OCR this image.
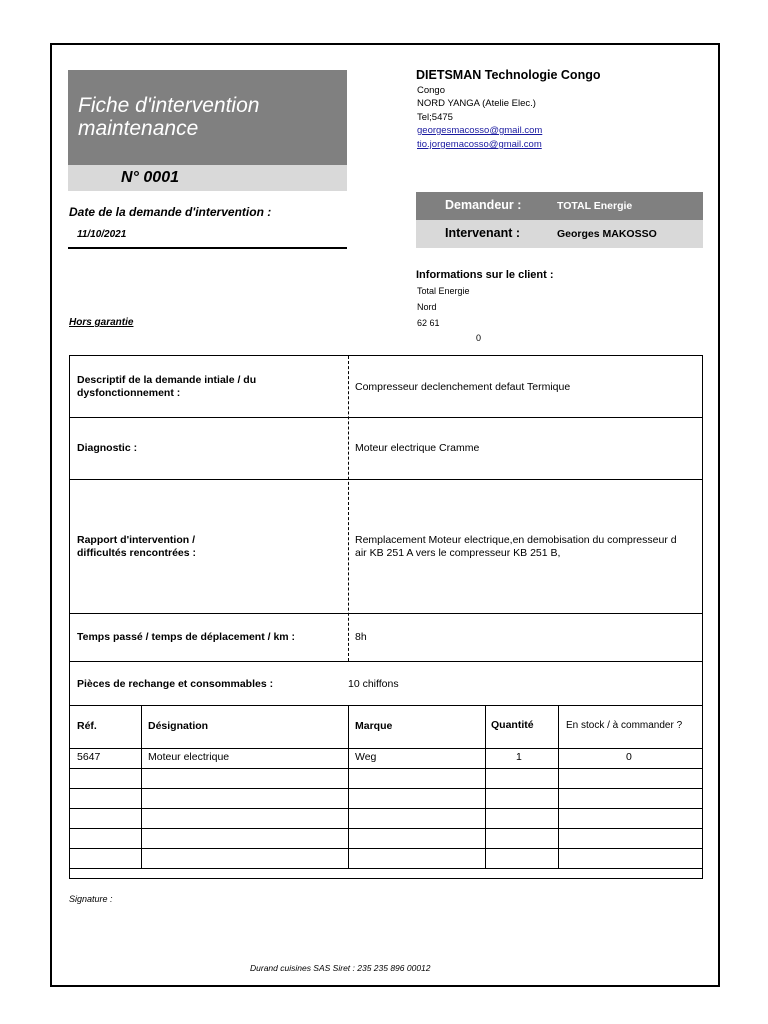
Fiche d'intervention
maintenance
N° 0001
DIETSMAN Technologie Congo
Congo
NORD YANGA (Atelie Elec.)
Tel;5475
georgesmacosso@gmail.com
tio.jorgemacosso@gmail.com
Date de la demande d'intervention :
11/10/2021
Demandeur :	TOTAL Energie
Intervenant :	Georges MAKOSSO
Informations sur le client :
Total Energie
Nord
62 61
0
Hors garantie
Descriptif de la demande intiale / du
dysfonctionnement :	Compresseur declenchement defaut Termique
Diagnostic :	Moteur electrique Cramme
Rapport d'intervention /
difficultés rencontrées :
Remplacement Moteur electrique,en demobisation du compresseur d
air KB 251 A vers le compresseur KB 251 B,
Temps passé / temps de déplacement / km :	8h
Pièces de rechange et consommables :	10 chiffons
Réf.	Désignation	Marque	Quantité	En stock / à commander ?
5647	Moteur electrique	Weg	1	0
Signature :
Durand cuisines SAS Siret : 235 235 896 00012
